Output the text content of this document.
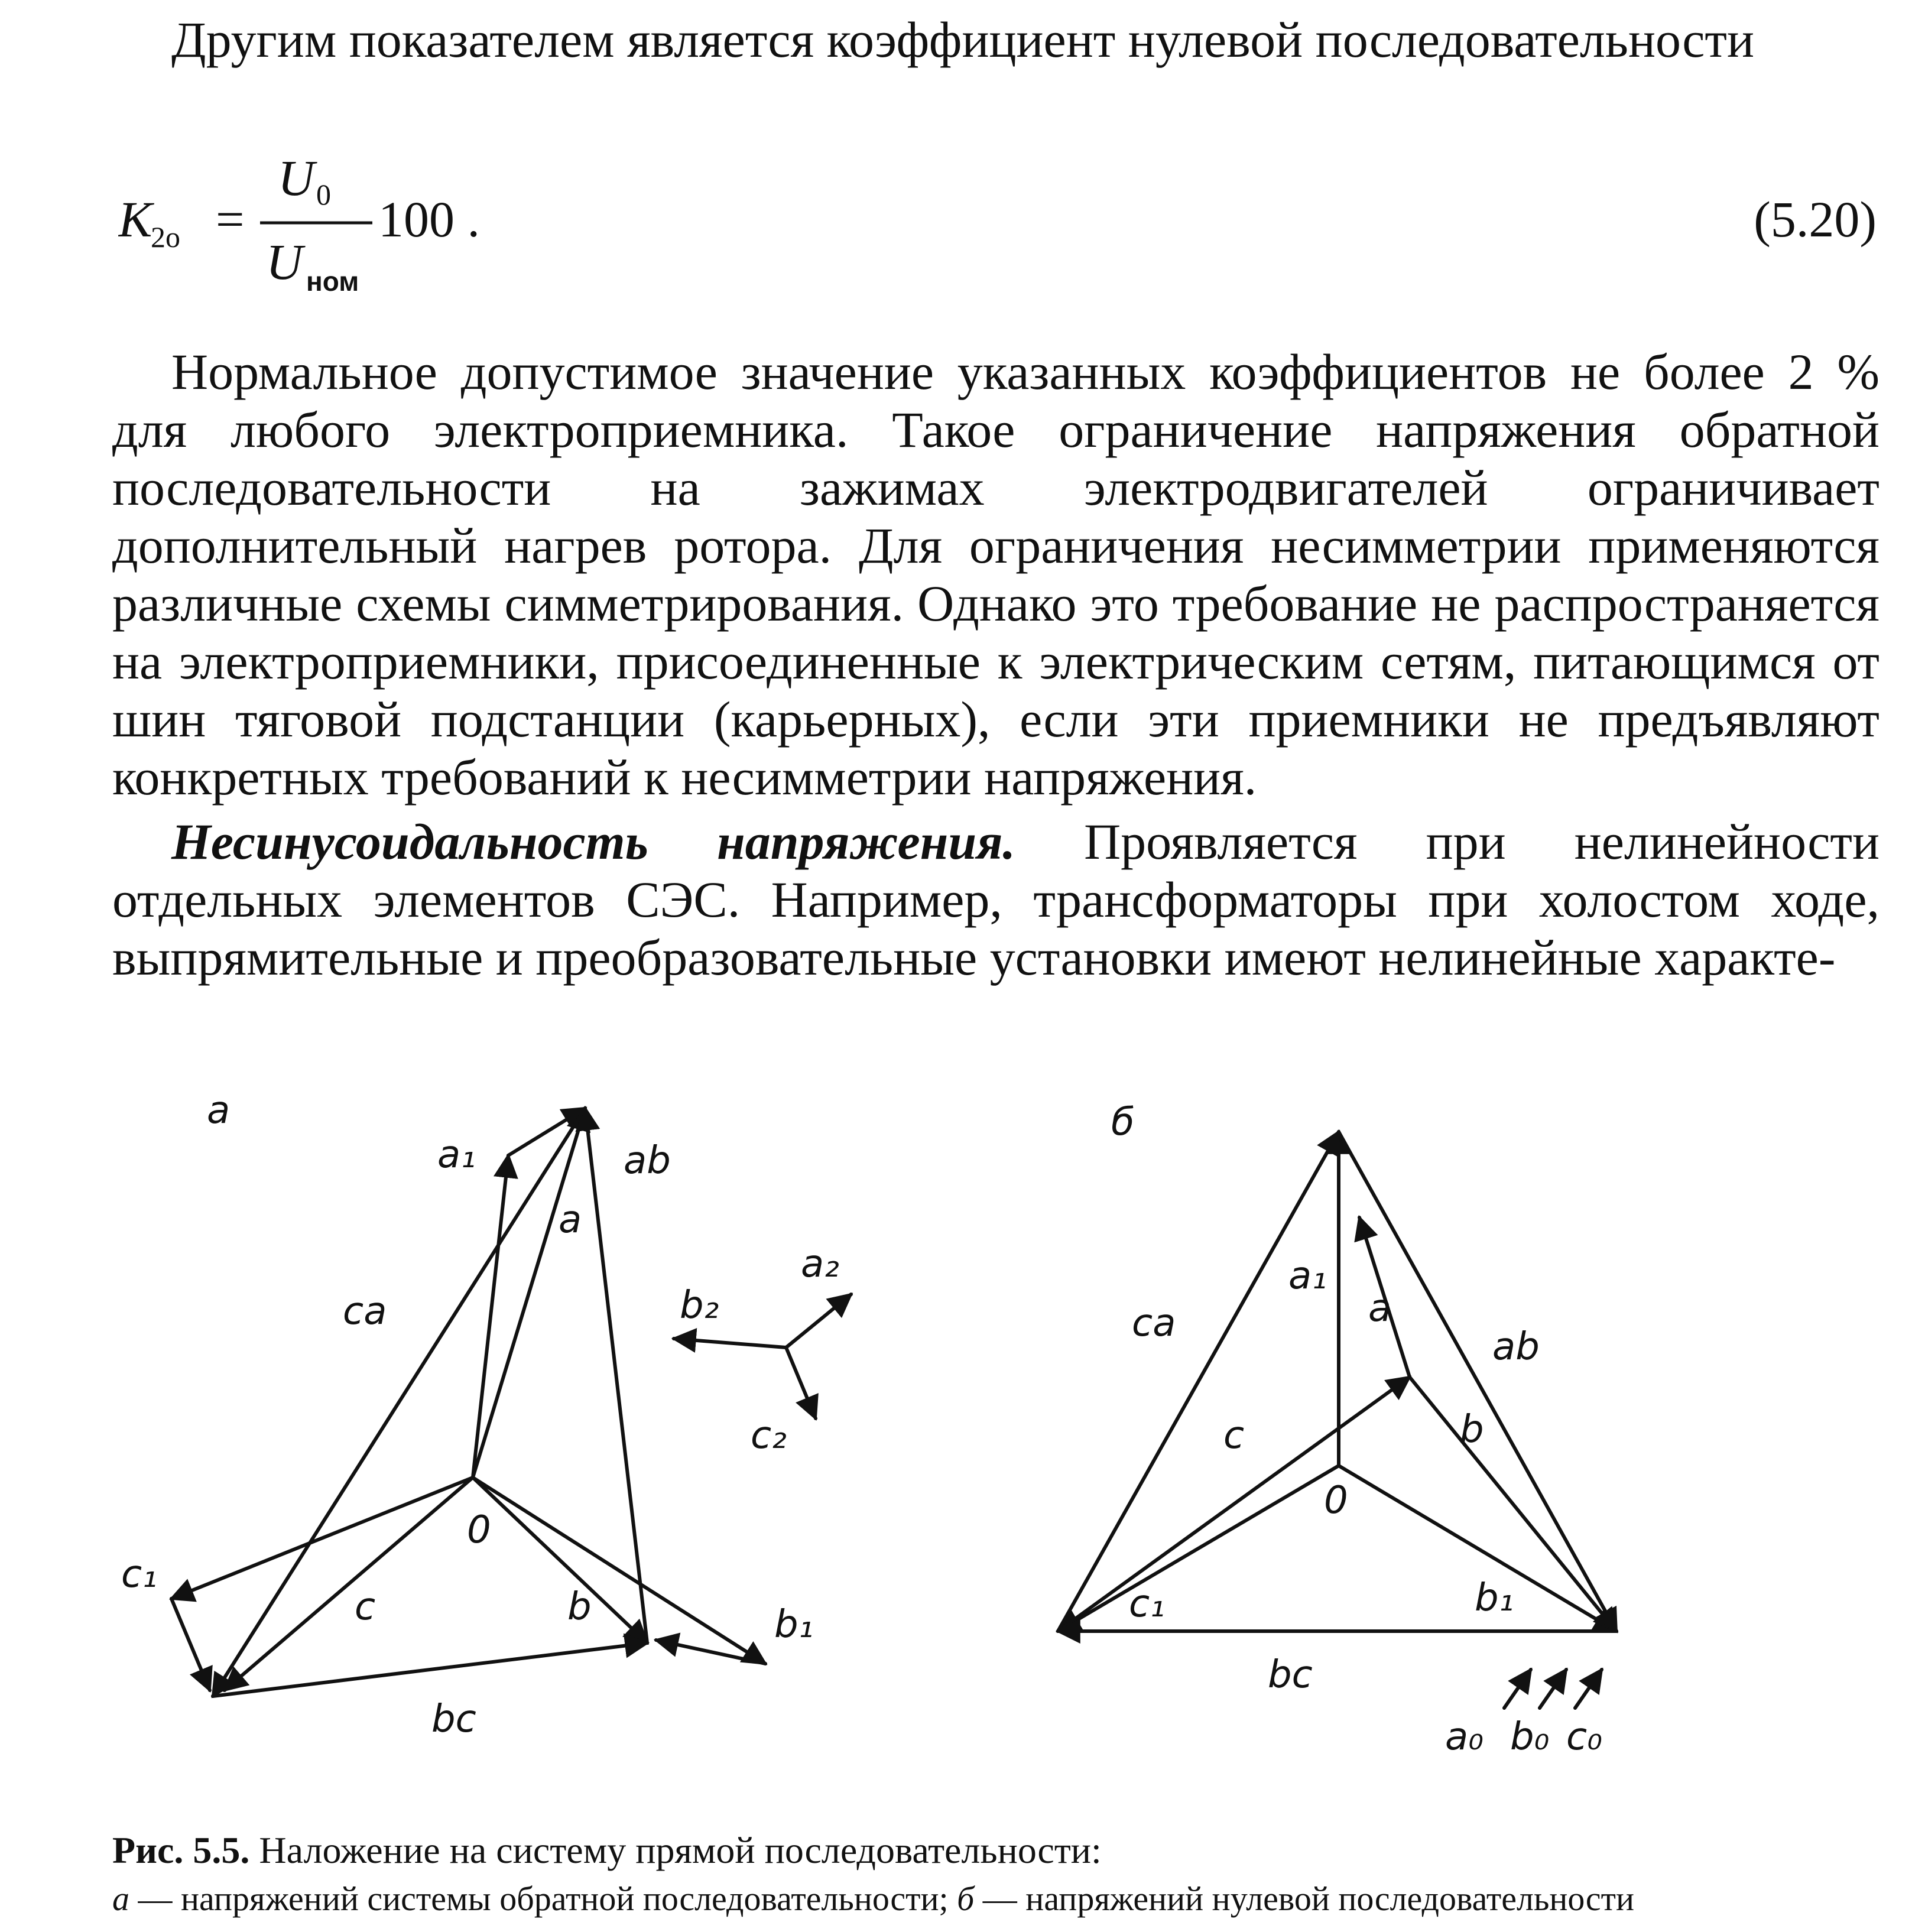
Другим показателем является коэффициент нулевой последовательности

K
2о =
U 0
U ном
100 .	(5.20)

Нормальное допустимое значение указанных коэффициентов не более 2 % для любого электроприемника. Такое ограничение напряжения обратной последовательности на зажимах электродвигателей ограничивает дополнительный нагрев ротора. Для ограничения несимметрии применяются различные схемы симметрирования. Однако это требование не распространяется на электроприемники, присоединенные к электрическим сетям, питающимся от шин тяговой подстанции (карьерных), если эти приемники не предъявляют конкретных требований к несимметрии напряжения.

Несинусоидальность напряжения. Проявляется при нелинейности отдельных элементов СЭС. Например, трансформаторы при холостом ходе, выпрямительные и преобразовательные установки имеют нелинейные характе-

а
a₁	ab
a
ca
0
c	b
c₁
b₁
bc
a₂
b₂
c₂
б
a₁
a
ca
ab
b
c
0
c₁	b₁
bc
a₀ b₀ c₀

Рис. 5.5. Наложение на систему прямой последовательности:

а — напряжений системы обратной последовательности; б — напряжений нулевой последовательности
